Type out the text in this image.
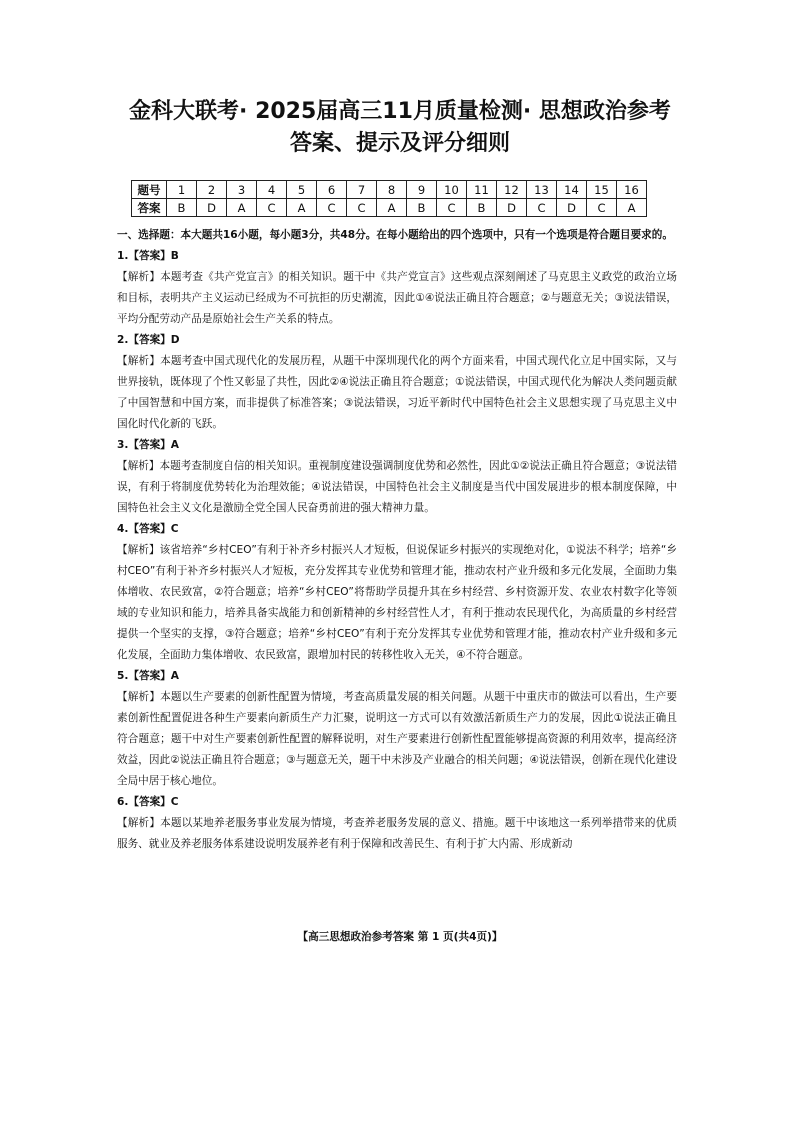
金科大联考· 2025届高三11月质量检测· 思想政治参考
答案、提示及评分细则
题号	1	2	3	4	5	6	7	8	9	10	11	12	13	14	15	16
答案	B	D	A	C	A	C	C	A	B	C	B	D	C	D	C	A

一、选择题：本大题共16小题，每小题3分，共48分。在每小题给出的四个选项中，只有一个选项是符合题目要求的。

1.【答案】B

【解析】本题考查《共产党宣言》的相关知识。题干中《共产党宣言》这些观点深刻阐述了马克思主义政党的政治立场和目标，表明共产主义运动已经成为不可抗拒的历史潮流，因此①④说法正确且符合题意；②与题意无关；③说法错误，平均分配劳动产品是原始社会生产关系的特点。

2.【答案】D

【解析】本题考查中国式现代化的发展历程，从题干中深圳现代化的两个方面来看，中国式现代化立足中国实际，又与世界接轨，既体现了个性又彰显了共性，因此②④说法正确且符合题意；①说法错误，中国式现代化为解决人类问题贡献了中国智慧和中国方案，而非提供了标准答案；③说法错误，习近平新时代中国特色社会主义思想实现了马克思主义中国化时代化新的飞跃。

3.【答案】A

【解析】本题考查制度自信的相关知识。重视制度建设强调制度优势和必然性，因此①②说法正确且符合题意；③说法错误，有利于将制度优势转化为治理效能；④说法错误，中国特色社会主义制度是当代中国发展进步的根本制度保障，中国特色社会主义文化是激励全党全国人民奋勇前进的强大精神力量。

4.【答案】C

【解析】该省培养“乡村CEO”有利于补齐乡村振兴人才短板，但说保证乡村振兴的实现绝对化，①说法不科学；培养“乡村CEO”有利于补齐乡村振兴人才短板，充分发挥其专业优势和管理才能，推动农村产业升级和多元化发展，全面助力集体增收、农民致富，②符合题意；培养“乡村CEO”将帮助学员提升其在乡村经营、乡村资源开发、农业农村数字化等领域的专业知识和能力，培养具备实战能力和创新精神的乡村经营性人才，有利于推动农民现代化，为高质量的乡村经营提供一个坚实的支撑，③符合题意；培养“乡村CEO”有利于充分发挥其专业优势和管理才能，推动农村产业升级和多元化发展，全面助力集体增收、农民致富，跟增加村民的转移性收入无关，④不符合题意。

5.【答案】A

【解析】本题以生产要素的创新性配置为情境，考查高质量发展的相关问题。从题干中重庆市的做法可以看出，生产要素创新性配置促进各种生产要素向新质生产力汇聚，说明这一方式可以有效激活新质生产力的发展，因此①说法正确且符合题意；题干中对生产要素创新性配置的解释说明，对生产要素进行创新性配置能够提高资源的利用效率，提高经济效益，因此②说法正确且符合题意；③与题意无关，题干中未涉及产业融合的相关问题；④说法错误，创新在现代化建设全局中居于核心地位。

6.【答案】C

【解析】本题以某地养老服务事业发展为情境，考查养老服务发展的意义、措施。题干中该地这一系列举措带来的优质服务、就业及养老服务体系建设说明发展养老有利于保障和改善民生、有利于扩大内需、形成新动

【高三思想政治参考答案 第 1 页(共4页)】
